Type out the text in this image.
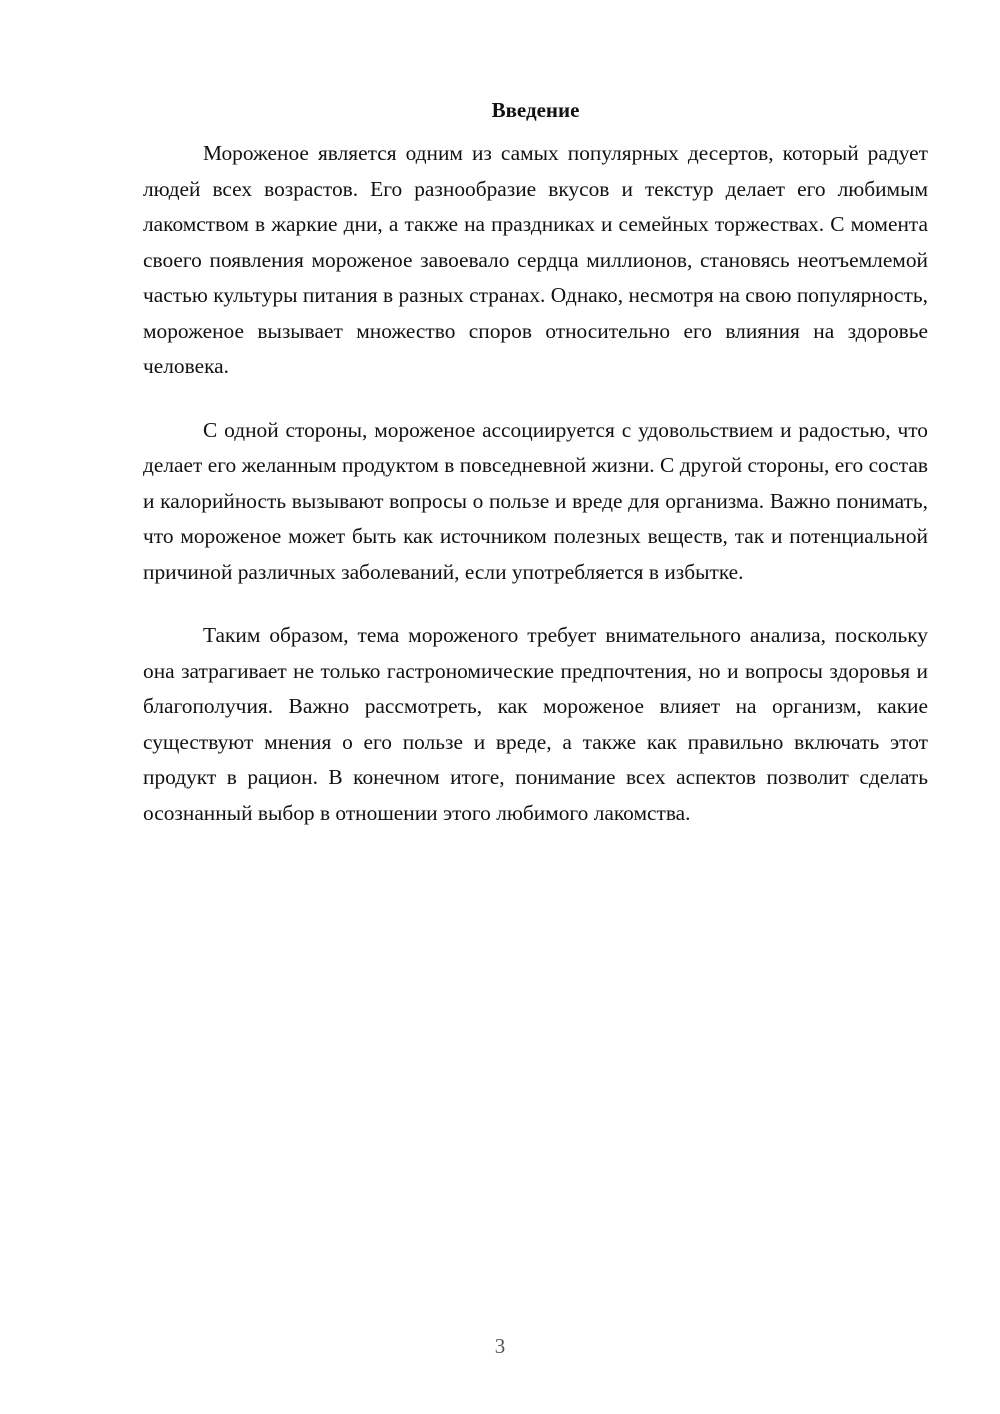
Введение

Мороженое является одним из самых популярных десертов, который радует людей всех возрастов. Его разнообразие вкусов и текстур делает его любимым лакомством в жаркие дни, а также на праздниках и семейных торжествах. С момента своего появления мороженое завоевало сердца миллионов, становясь неотъемлемой частью культуры питания в разных странах. Однако, несмотря на свою популярность, мороженое вызывает множество споров относительно его влияния на здоровье человека.

С одной стороны, мороженое ассоциируется с удовольствием и радостью, что делает его желанным продуктом в повседневной жизни. С другой стороны, его состав и калорийность вызывают вопросы о пользе и вреде для организма. Важно понимать, что мороженое может быть как источником полезных веществ, так и потенциальной причиной различных заболеваний, если употребляется в избытке.

Таким образом, тема мороженого требует внимательного анализа, поскольку она затрагивает не только гастрономические предпочтения, но и вопросы здоровья и благополучия. Важно рассмотреть, как мороженое влияет на организм, какие существуют мнения о его пользе и вреде, а также как правильно включать этот продукт в рацион. В конечном итоге, понимание всех аспектов позволит сделать осознанный выбор в отношении этого любимого лакомства.

3
